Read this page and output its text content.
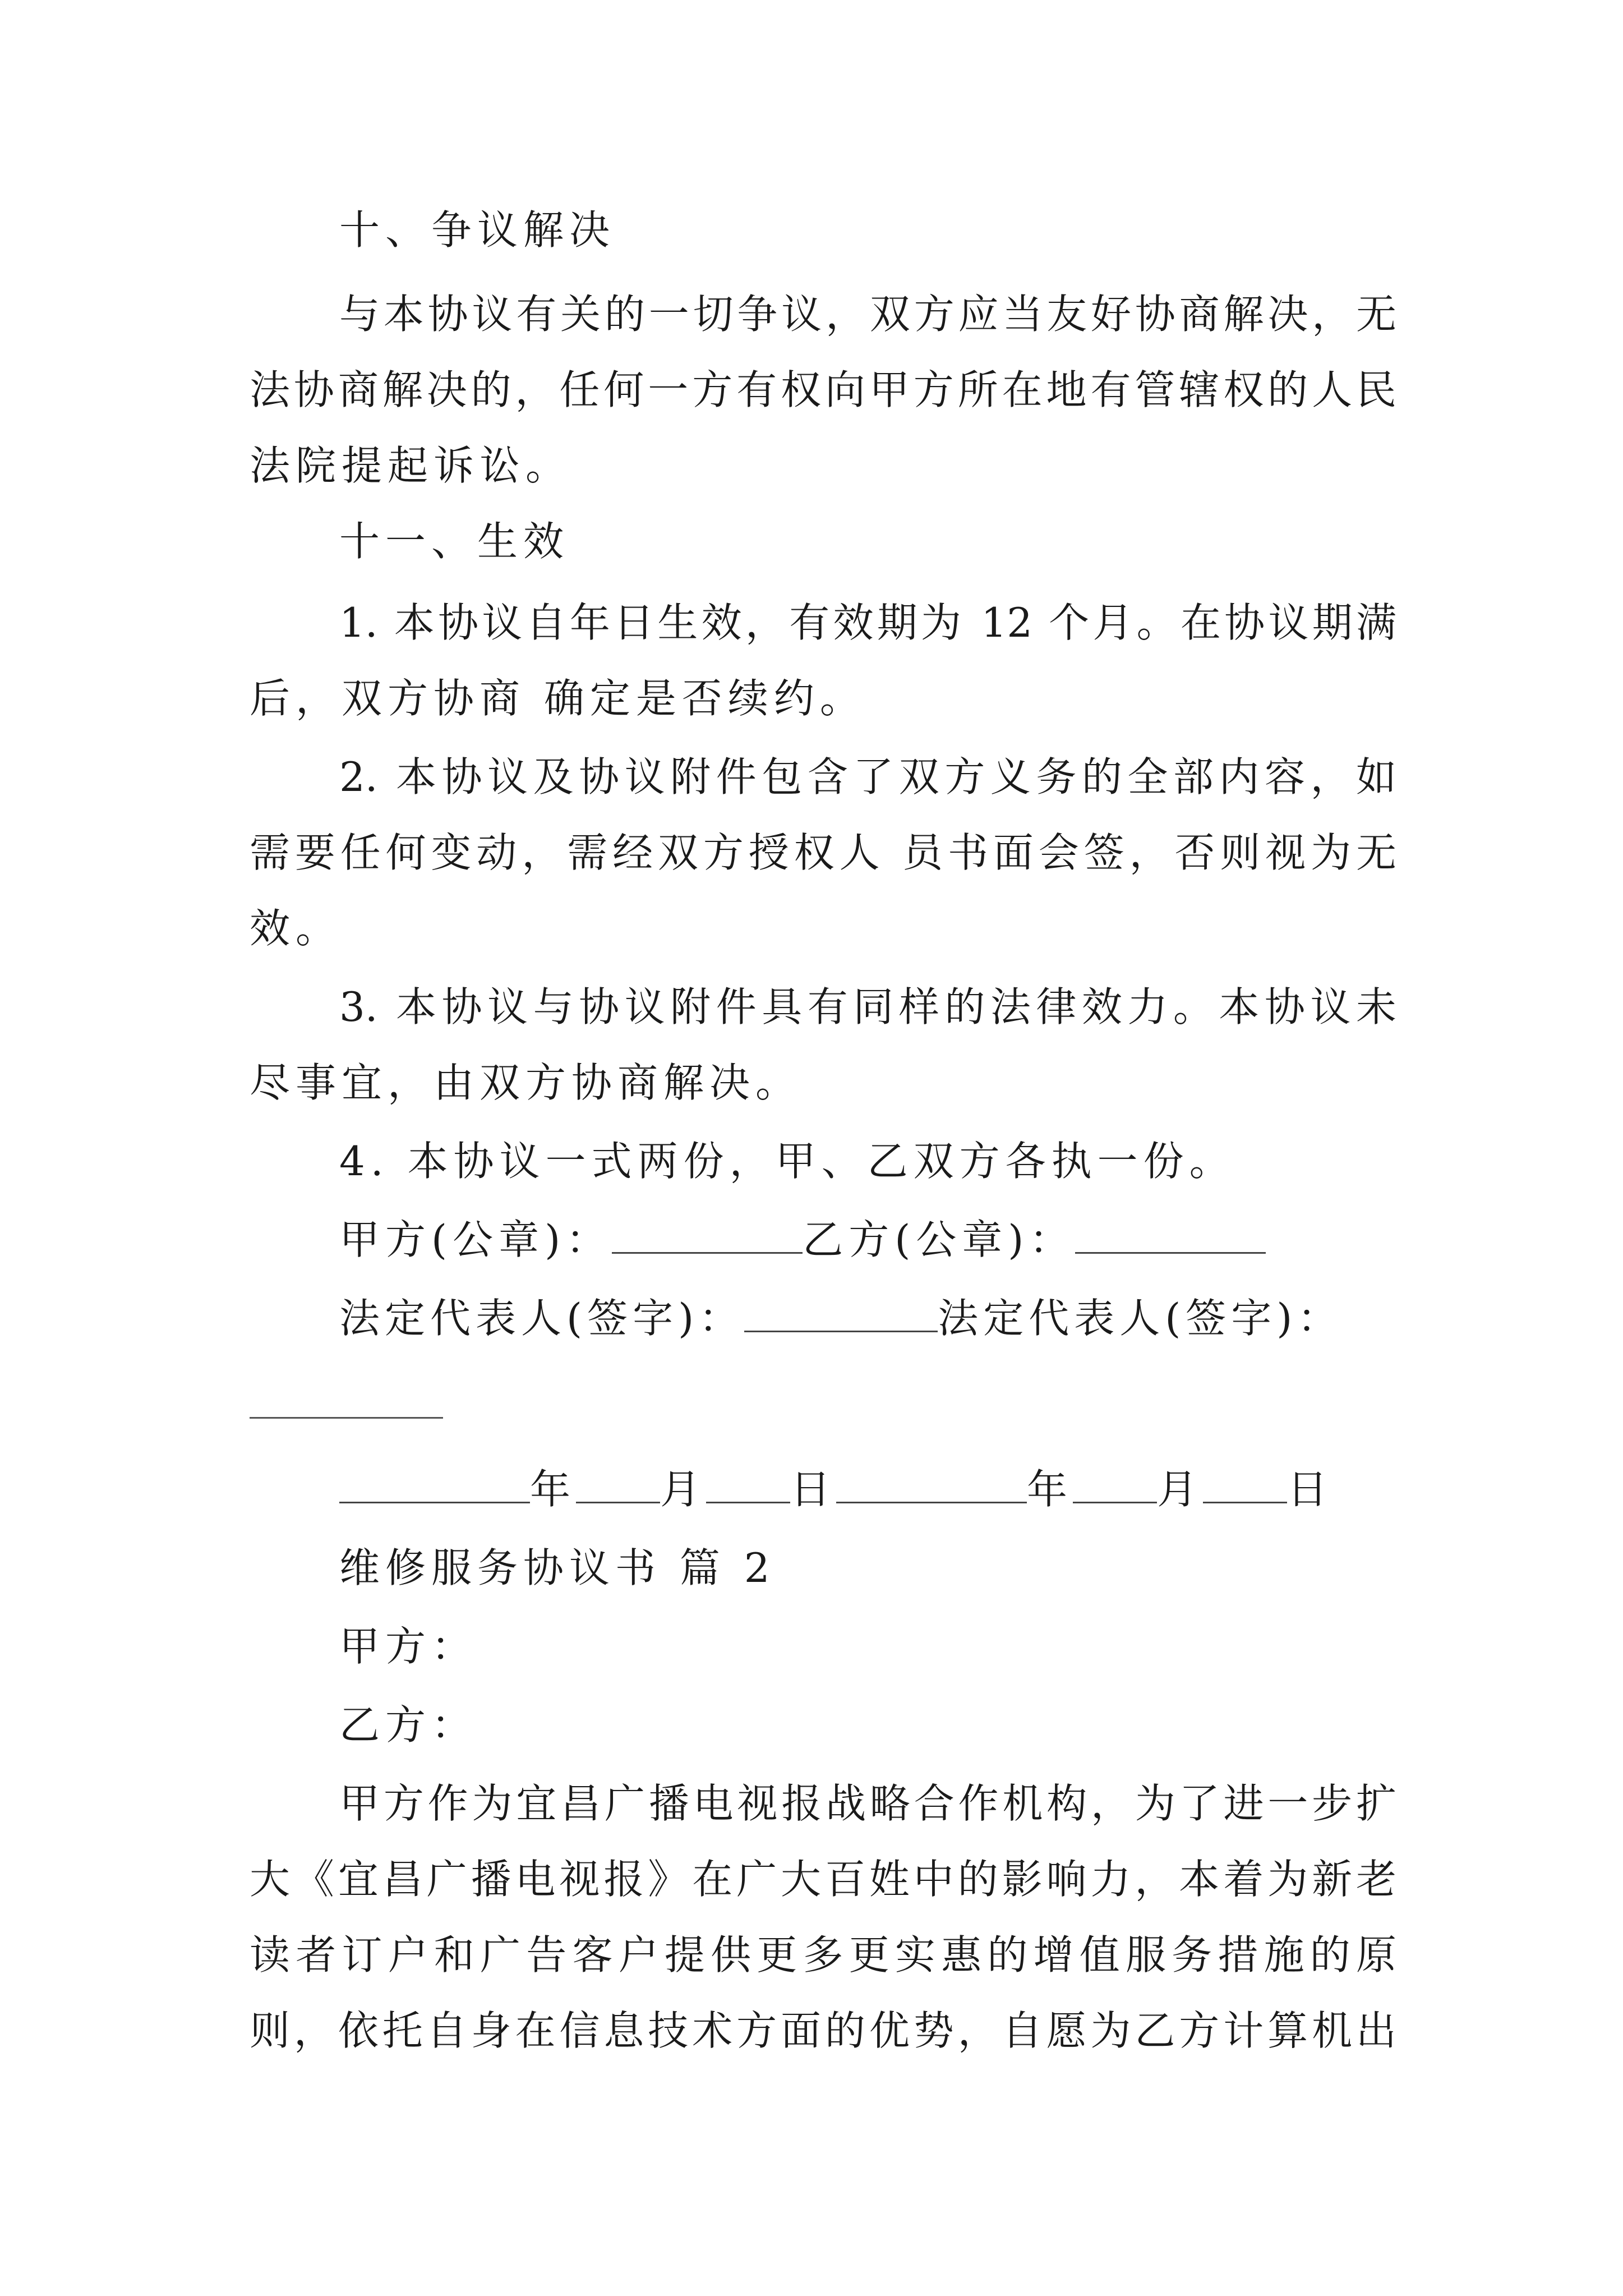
十、争议解决
与本协议有关的一切争议，双方应当友好协商解决，无
法协商解决的，任何一方有权向甲方所在地有管辖权的人民
法院提起诉讼。
十一、生效
1. 本协议自年日生效，有效期为 12 个月。在协议期满
后，双方协商 确定是否续约。
2. 本协议及协议附件包含了双方义务的全部内容，如
需要任何变动，需经双方授权人 员书面会签，否则视为无
效。
3. 本协议与协议附件具有同样的法律效力。本协议未
尽事宜，由双方协商解决。
4. 本协议一式两份，甲、乙双方各执一份。
甲方(公章)：	乙方(公章)：
法定代表人(签字)：	法定代表人(签字)：
年 月 日	年 月 日
维修服务协议书 篇 2
甲方：
乙方：
甲方作为宜昌广播电视报战略合作机构，为了进一步扩
大《宜昌广播电视报》在广大百姓中的影响力，本着为新老
读者订户和广告客户提供更多更实惠的增值服务措施的原
则，依托自身在信息技术方面的优势，自愿为乙方计算机出
